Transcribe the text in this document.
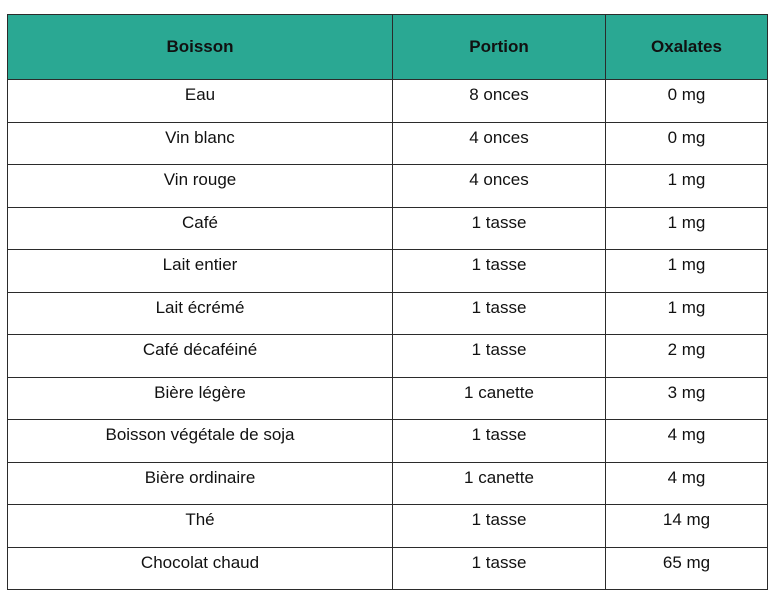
Boisson	Portion	Oxalates
Eau	8 onces	0 mg
Vin blanc	4 onces	0 mg
Vin rouge	4 onces	1 mg
Café	1 tasse	1 mg
Lait entier	1 tasse	1 mg
Lait écrémé	1 tasse	1 mg
Café décaféiné	1 tasse	2 mg
Bière légère	1 canette	3 mg
Boisson végétale de soja	1 tasse	4 mg
Bière ordinaire	1 canette	4 mg
Thé	1 tasse	14 mg
Chocolat chaud	1 tasse	65 mg
